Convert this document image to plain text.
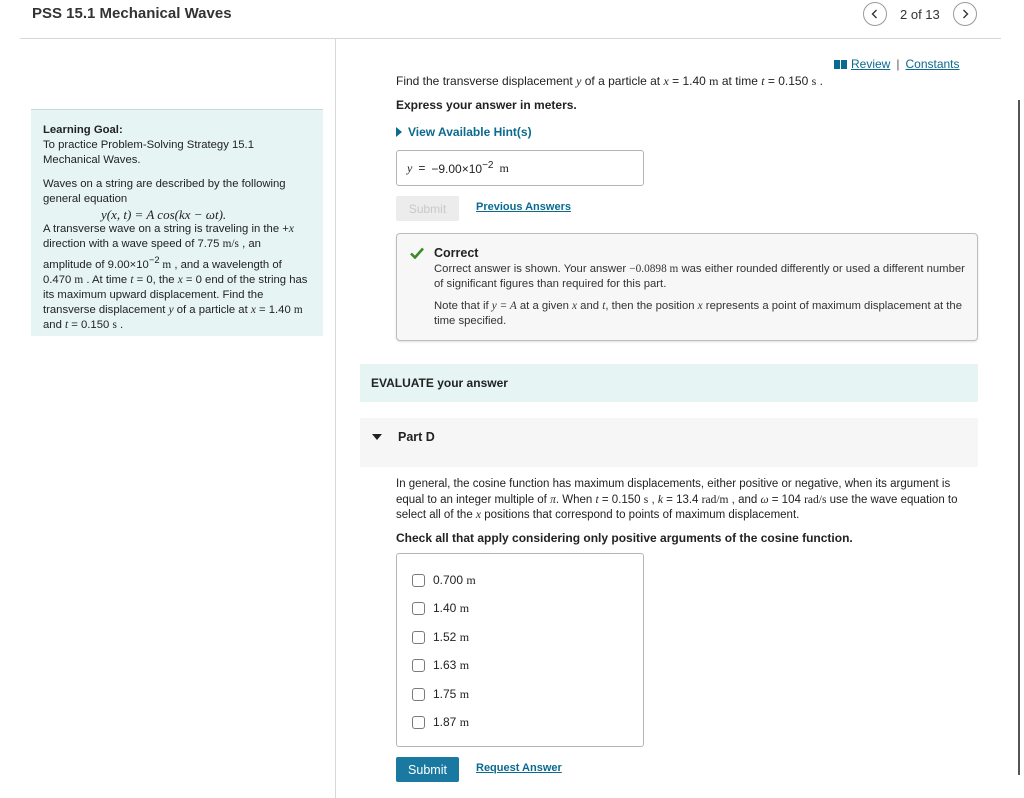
PSS 15.1 Mechanical Waves	2 of 13

Learning Goal:

To practice Problem-Solving Strategy 15.1 Mechanical Waves.

Waves on a string are described by the following general equation

y(x, t) = A cos(kx − ωt).

A transverse wave on a string is traveling in the +x direction with a wave speed of 7.75 m/s , an amplitude of $9.00\times 10^{-2}$ m , and a wavelength of 0.470 m . At time t = 0, the x = 0 end of the string has its maximum upward displacement. Find the transverse displacement y of a particle at x = 1.40 m and t = 0.150 s .

Review | Constants
Find the transverse displacement y of a particle at x = 1.40 m at time t = 0.150 s .
Express your answer in meters.
View Available Hint(s)
$y = -9.00\times 10^{-2}$ m
Submit	Previous Answers
Correct
Correct answer is shown. Your answer −0.0898 m was either rounded differently or used a different number of significant figures than required for this part.
Note that if y = A at a given x and t, then the position x represents a point of maximum displacement at the time specified.
EVALUATE your answer
Part D
In general, the cosine function has maximum displacements, either positive or negative, when its argument is equal to an integer multiple of π. When t = 0.150 s , k = 13.4 rad/m , and ω = 104 rad/s use the wave equation to select all of the x positions that correspond to points of maximum displacement.
Check all that apply considering only positive arguments of the cosine function.
0.700 m
1.40 m
1.52 m
1.63 m
1.75 m
1.87 m
Submit	Request Answer
